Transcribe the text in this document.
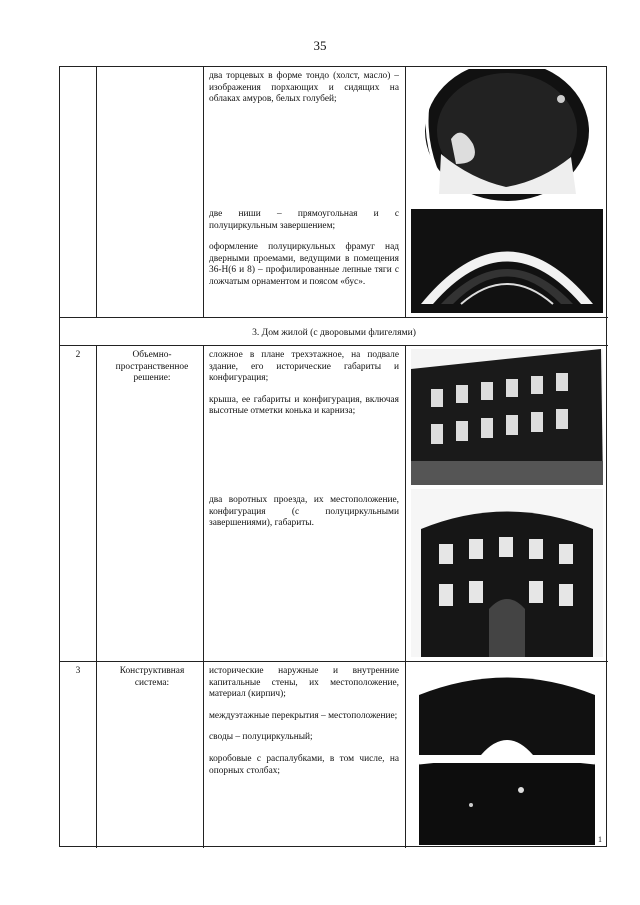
35

два торцевых в форме тондо (холст, масло) – изображения порхающих и сидящих на облаках амуров, белых голубей;

две ниши – прямоугольная и с полуциркульным завершением;

оформление полуциркульных фрамуг над дверными проемами, ведущими в помещения 36-Н(6 и 8) – профилированные лепные тяги с ложчатым орнаментом и поясом «бус».

3. Дом жилой (с дворовыми флигелями)
2	Объемно-пространственное решение:

сложное в плане трехэтажное, на подвале здание, его исторические габариты и конфигурация;

крыша, ее габариты и конфигурация, включая высотные отметки конька и карниза;

два воротных проезда, их местоположение, конфигурация (с полуциркульными завершениями), габариты.

3	Конструктивная система:

исторические наружные и внутренние капитальные стены, их местоположение, материал (кирпич);

междуэтажные перекрытия – местоположение;

своды – полуциркульный;

коробовые с распалубками, в том числе, на опорных столбах;

1
